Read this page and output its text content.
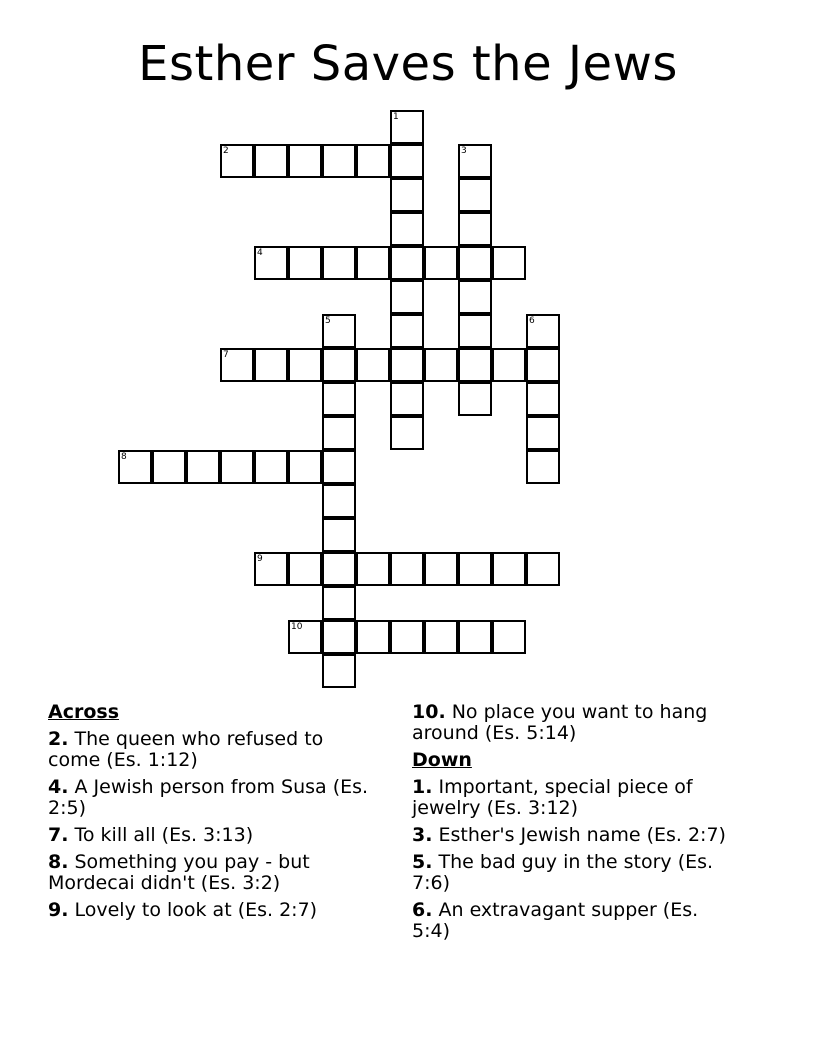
Esther Saves the Jews
1
2	3
4
5	6
7
8
9
10
Across
2. The queen who refused to come (Es. 1:12)
4. A Jewish person from Susa (Es. 2:5)
7. To kill all (Es. 3:13)
8. Something you pay - but Mordecai didn't (Es. 3:2)
9. Lovely to look at (Es. 2:7)
10. No place you want to hang around (Es. 5:14)
Down
1. Important, special piece of jewelry (Es. 3:12)
3. Esther's Jewish name (Es. 2:7)
5. The bad guy in the story (Es. 7:6)
6. An extravagant supper (Es. 5:4)
